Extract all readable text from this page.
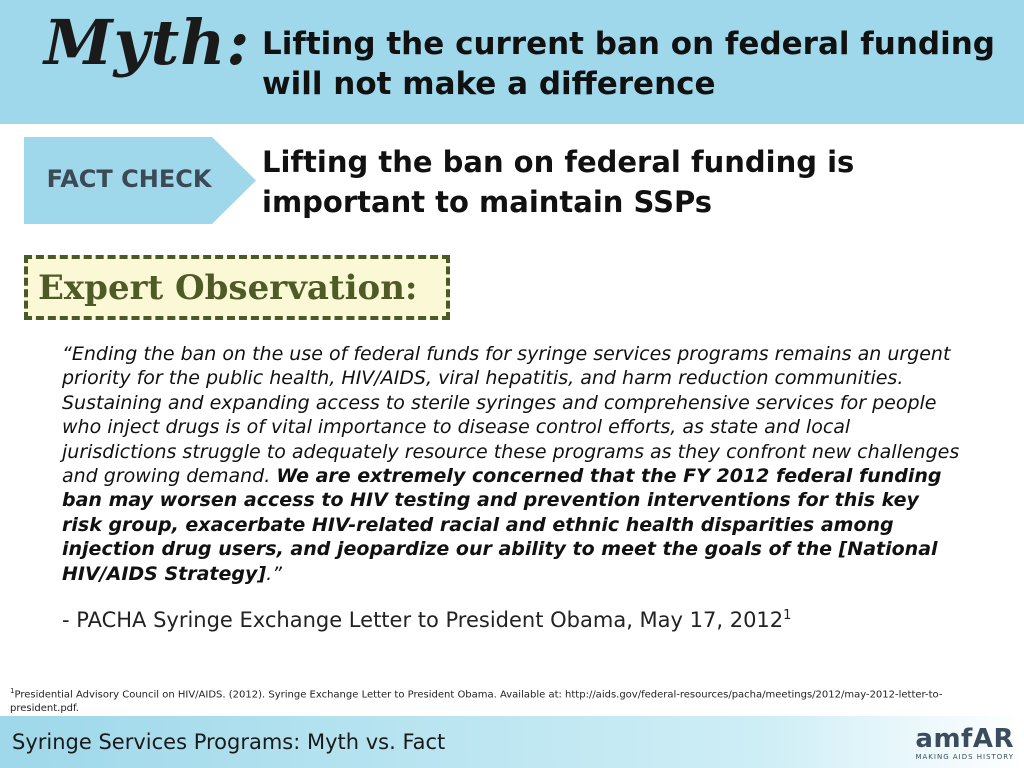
Myth: Lifting the current ban on federal funding will not make a difference
FACT CHECK	Lifting the ban on federal funding is important to maintain SSPs
Expert Observation:
“Ending the ban on the use of federal funds for syringe services programs remains an urgent priority for the public health, HIV/AIDS, viral hepatitis, and harm reduction communities. Sustaining and expanding access to sterile syringes and comprehensive services for people who inject drugs is of vital importance to disease control efforts, as state and local jurisdictions struggle to adequately resource these programs as they confront new challenges and growing demand. We are extremely concerned that the FY 2012 federal funding ban may worsen access to HIV testing and prevention interventions for this key risk group, exacerbate HIV-related racial and ethnic health disparities among injection drug users, and jeopardize our ability to meet the goals of the [National HIV/AIDS Strategy].”
- PACHA Syringe Exchange Letter to President Obama, May 17, 2012$^1$
$^1$Presidential Advisory Council on HIV/AIDS. (2012). Syringe Exchange Letter to President Obama. Available at: http://aids.gov/federal-resources/pacha/meetings/2012/may-2012-letter-to-president.pdf.
Syringe Services Programs: Myth vs. Fact	amfAR
MAKING AIDS HISTORY
